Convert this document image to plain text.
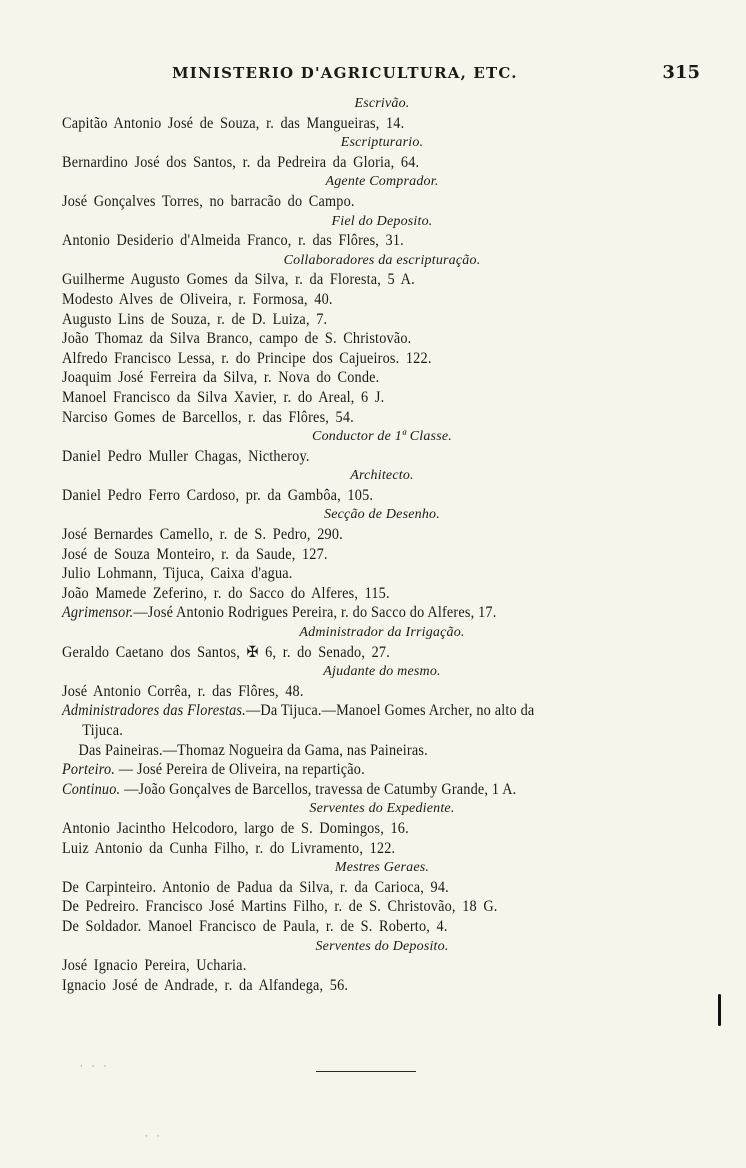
MINISTERIO D'AGRICULTURA, ETC.	315
Escrivão.
Capitão Antonio José de Souza, r. das Mangueiras, 14.
Escripturario.
Bernardino José dos Santos, r. da Pedreira da Gloria, 64.
Agente Comprador.
José Gonçalves Torres, no barracão do Campo.
Fiel do Deposito.
Antonio Desiderio d'Almeida Franco, r. das Flôres, 31.
Collaboradores da escripturação.
Guilherme Augusto Gomes da Silva, r. da Floresta, 5 A.
Modesto Alves de Oliveira, r. Formosa, 40.
Augusto Lins de Souza, r. de D. Luiza, 7.
João Thomaz da Silva Branco, campo de S. Christovão.
Alfredo Francisco Lessa, r. do Principe dos Cajueiros. 122.
Joaquim José Ferreira da Silva, r. Nova do Conde.
Manoel Francisco da Silva Xavier, r. do Areal, 6 J.
Narciso Gomes de Barcellos, r. das Flôres, 54.
Conductor de 1ª Classe.
Daniel Pedro Muller Chagas, Nictheroy.
Architecto.
Daniel Pedro Ferro Cardoso, pr. da Gambôa, 105.
Secção de Desenho.
José Bernardes Camello, r. de S. Pedro, 290.
José de Souza Monteiro, r. da Saude, 127.
Julio Lohmann, Tijuca, Caixa d'agua.
João Mamede Zeferino, r. do Sacco do Alferes, 115.
Agrimensor.—José Antonio Rodrigues Pereira, r. do Sacco do Alferes, 17.
Administrador da Irrigação.
Geraldo Caetano dos Santos, ✠ 6, r. do Senado, 27.
Ajudante do mesmo.
José Antonio Corrêa, r. das Flôres, 48.
Administradores das Florestas.—Da Tijuca.—Manoel Gomes Archer, no alto da
Tijuca.
Das Paineiras.—Thomaz Nogueira da Gama, nas Paineiras.
Porteiro. — José Pereira de Oliveira, na repartição.
Continuo. —João Gonçalves de Barcellos, travessa de Catumby Grande, 1 A.
Serventes do Expediente.
Antonio Jacintho Helcodoro, largo de S. Domingos, 16.
Luiz Antonio da Cunha Filho, r. do Livramento, 122.
Mestres Geraes.
De Carpinteiro. Antonio de Padua da Silva, r. da Carioca, 94.
De Pedreiro. Francisco José Martins Filho, r. de S. Christovão, 18 G.
De Soldador. Manoel Francisco de Paula, r. de S. Roberto, 4.
Serventes do Deposito.
José Ignacio Pereira, Ucharia.
Ignacio José de Andrade, r. da Alfandega, 56.
· · ·
· ·
